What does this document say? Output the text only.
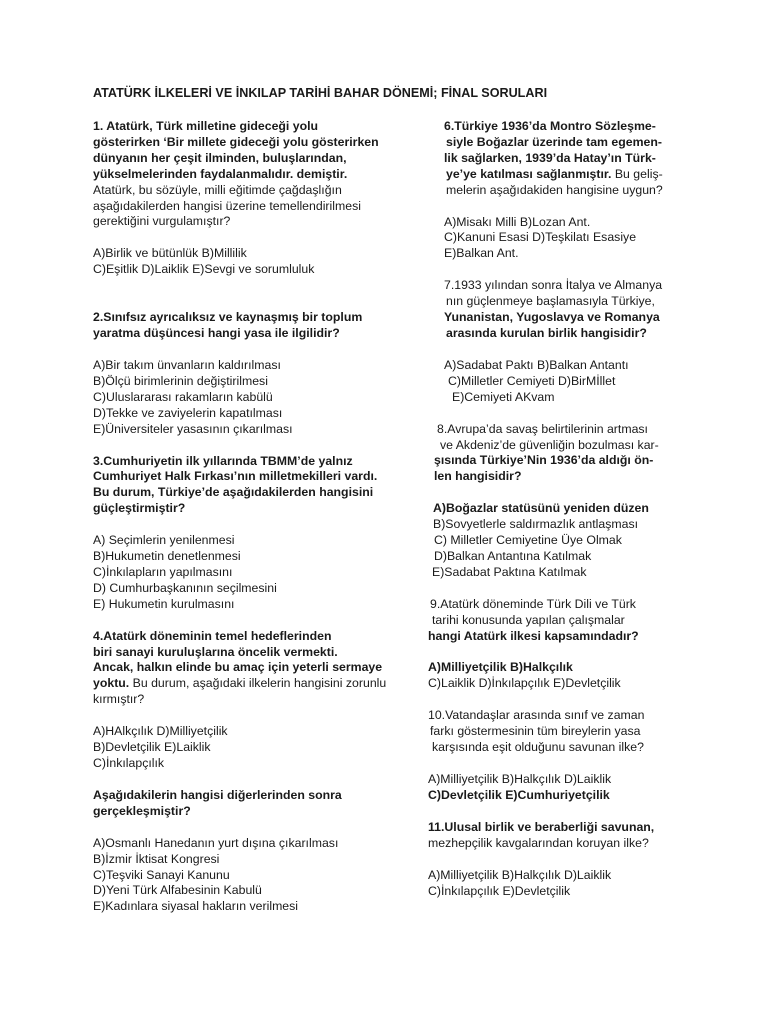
ATATÜRK İLKELERİ VE İNKILAP TARİHİ BAHAR DÖNEMİ; FİNAL SORULARI
1. Atatürk, Türk milletine gideceği yolu
gösterirken ‘Bir millete gideceği yolu gösterirken
dünyanın her çeşit ilminden, buluşlarından,
yükselmelerinden faydalanmalıdır. demiştir.
Atatürk, bu sözüyle, milli eğitimde çağdaşlığın
aşağıdakilerden hangisi üzerine temellendirilmesi
gerektiğini vurgulamıştır?
A)Birlik ve bütünlük B)Millilik
C)Eşitlik D)Laiklik E)Sevgi ve sorumluluk
2.Sınıfsız ayrıcalıksız ve kaynaşmış bir toplum
yaratma düşüncesi hangi yasa ile ilgilidir?
A)Bir takım ünvanların kaldırılması
B)Ölçü birimlerinin değiştirilmesi
C)Uluslararası rakamların kabülü
D)Tekke ve zaviyelerin kapatılması
E)Üniversiteler yasasının çıkarılması
3.Cumhuriyetin ilk yıllarında TBMM’de yalnız
Cumhuriyet Halk Fırkası’nın milletmekilleri vardı.
Bu durum, Türkiye’de aşağıdakilerden hangisini
güçleştirmiştir?
A) Seçimlerin yenilenmesi
B)Hukumetin denetlenmesi
C)İnkılapların yapılmasını
D) Cumhurbaşkanının seçilmesini
E) Hukumetin kurulmasını
4.Atatürk döneminin temel hedeflerinden
biri sanayi kuruluşlarına öncelik vermekti.
Ancak, halkın elinde bu amaç için yeterli sermaye
yoktu. Bu durum, aşağıdaki ilkelerin hangisini zorunlu
kırmıştır?
A)HAlkçılık D)Milliyetçilik
B)Devletçilik E)Laiklik
C)İnkılapçılık
Aşağıdakilerin hangisi diğerlerinden sonra
gerçekleşmiştir?
A)Osmanlı Hanedanın yurt dışına çıkarılması
B)İzmir İktisat Kongresi
C)Teşviki Sanayi Kanunu
D)Yeni Türk Alfabesinin Kabulü
E)Kadınlara siyasal hakların verilmesi
6.Türkiye 1936’da Montro Sözleşme-
siyle Boğazlar üzerinde tam egemen-
lik sağlarken, 1939’da Hatay’ın Türk-
ye’ye katılması sağlanmıştır. Bu geliş-
melerin aşağıdakiden hangisine uygun?
A)Misakı Milli B)Lozan Ant.
C)Kanuni Esasi D)Teşkilatı Esasiye
E)Balkan Ant.
7.1933 yılından sonra İtalya ve Almanya
nın güçlenmeye başlamasıyla Türkiye,
Yunanistan, Yugoslavya ve Romanya
arasında kurulan birlik hangisidir?
A)Sadabat Paktı B)Balkan Antantı
C)Milletler Cemiyeti D)BirMİllet
E)Cemiyeti AKvam
8.Avrupa’da savaş belirtilerinin artması
ve Akdeniz’de güvenliğin bozulması kar-
şısında Türkiye’Nin 1936’da aldığı ön-
len hangisidir?
A)Boğazlar statüsünü yeniden düzen
B)Sovyetlerle saldırmazlık antlaşması
C) Milletler Cemiyetine Üye Olmak
D)Balkan Antantına Katılmak
E)Sadabat Paktına Katılmak
9.Atatürk döneminde Türk Dili ve Türk
tarihi konusunda yapılan çalışmalar
hangi Atatürk ilkesi kapsamındadır?
A)Milliyetçilik B)Halkçılık
C)Laiklik D)İnkılapçılık E)Devletçilik
10.Vatandaşlar arasında sınıf ve zaman
farkı göstermesinin tüm bireylerin yasa
karşısında eşit olduğunu savunan ilke?
A)Milliyetçilik B)Halkçılık D)Laiklik
C)Devletçilik E)Cumhuriyetçilik
11.Ulusal birlik ve beraberliği savunan,
mezhepçilik kavgalarından koruyan ilke?
A)Milliyetçilik B)Halkçılık D)Laiklik
C)İnkılapçılık E)Devletçilik
